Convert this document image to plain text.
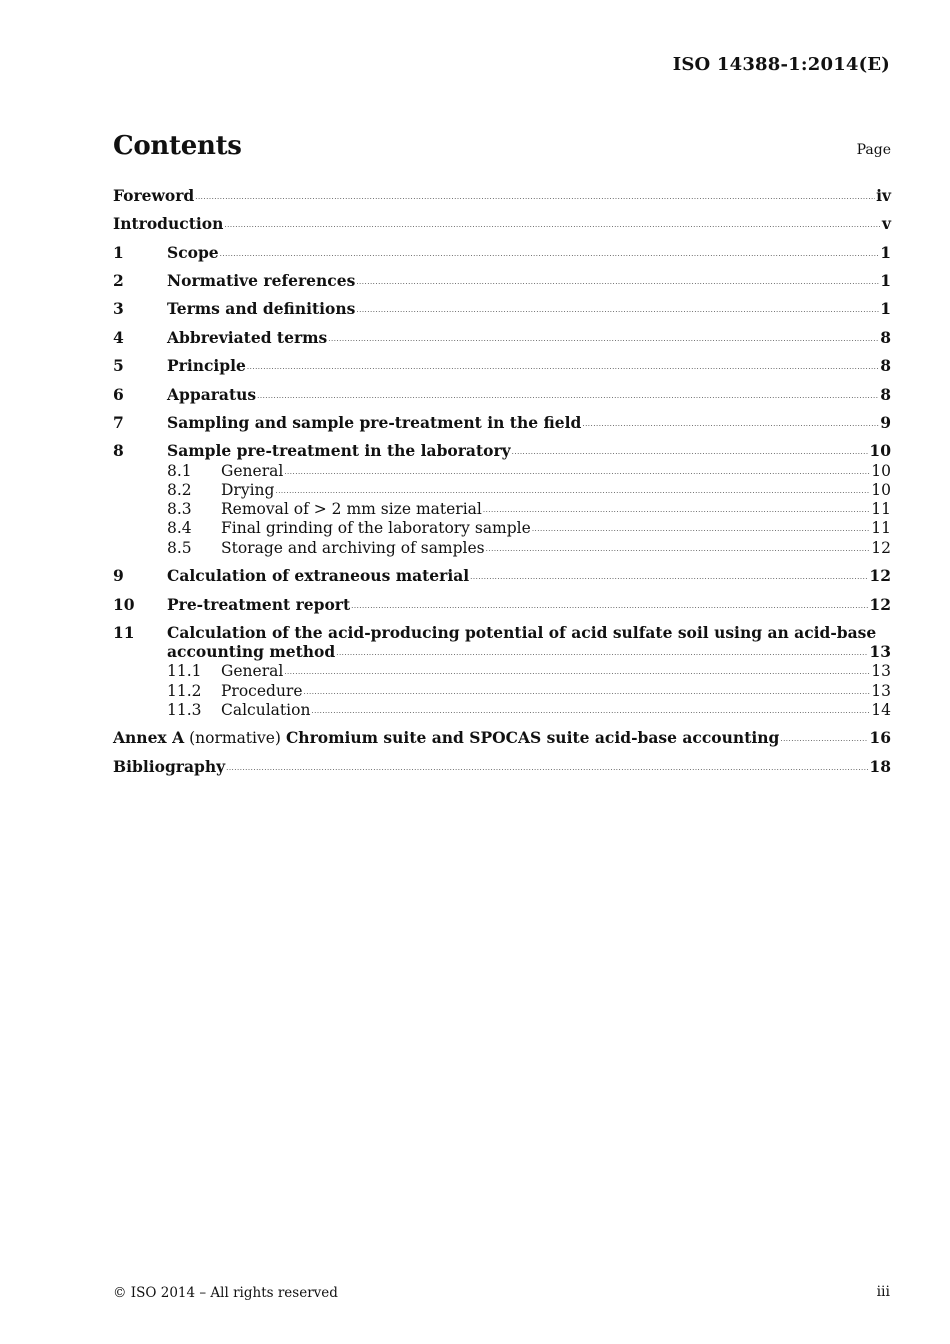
ISO 14388-1:2014(E)
Contents	Page
Foreword .....	iv
Introduction .....	v
1	Scope .....	1
2	Normative references .....	1
3	Terms and definitions .....	1
4	Abbreviated terms .....	8
5	Principle .....	8
6	Apparatus .....	8
7	Sampling and sample pre-treatment in the field .....	9
8	Sample pre-treatment in the laboratory .....	10
8.1	General .....	10
8.2	Drying .....	10
8.3	Removal of > 2 mm size material .....	11
8.4	Final grinding of the laboratory sample .....	11
8.5	Storage and archiving of samples .....	12
9	Calculation of extraneous material .....	12
10	Pre-treatment report .....	12
11	Calculation of the acid-producing potential of acid sulfate soil using an acid-base
accounting method .....	13
11.1	General .....	13
11.2	Procedure .....	13
11.3	Calculation .....	14
Annex A (normative) Chromium suite and SPOCAS suite acid-base accounting .....	16
Bibliography .....	18
© ISO 2014 – All rights reserved	iii
